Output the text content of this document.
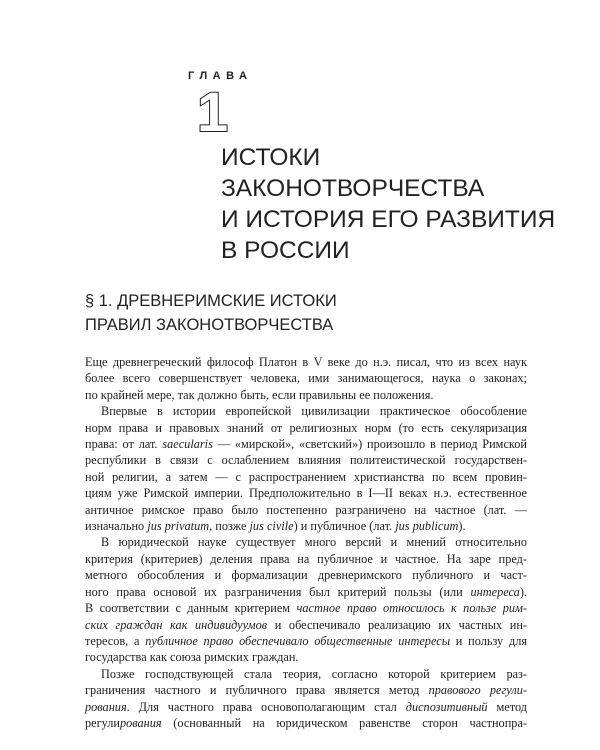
ГЛАВА
1
ИСТОКИ
ЗАКОНОТВОРЧЕСТВА
И ИСТОРИЯ ЕГО РАЗВИТИЯ
В РОССИИ
§ 1. ДРЕВНЕРИМСКИЕ ИСТОКИ
ПРАВИЛ ЗАКОНОТВОРЧЕСТВА

Еще древнегреческий философ Платон в V веке до н.э. писал, что из всех наук
более всего совершенствует человека, ими занимающегося, наука о законах;
по крайней мере, так должно быть, если правильны ее положения.

Впервые в истории европейской цивилизации практическое обособление
норм права и правовых знаний от религиозных норм (то есть секуляризация
права: от лат. saecularis — «мирской», «светский») произошло в период Римской
республики в связи с ослаблением влияния политеистической государствен-
ной религии, а затем — с распространением христианства по всем провин-
циям уже Римской империи. Предположительно в I—II веках н.э. естественное
античное римское право было постепенно разграничено на частное (лат. —
изначально jus privatum, позже jus civile) и публичное (лат. jus publicum).

В юридической науке существует много версий и мнений относительно
критерия (критериев) деления права на публичное и частное. На заре пред-
метного обособления и формализации древнеримского публичного и част-
ного права основой их разграничения был критерий пользы (или интереса).
В соответствии с данным критерием частное право относилось к пользе рим-
ских граждан как индивидуумов и обеспечивало реализацию их частных ин-
тересов, а публичное право обеспечивало общественные интересы и пользу для
государства как союза римских граждан.

Позже господствующей стала теория, согласно которой критерием раз-
граничения частного и публичного права является метод правового регули-
рования. Для частного права основополагающим стал диспозитивный метод
регулирования (основанный на юридическом равенстве сторон частнопра-
